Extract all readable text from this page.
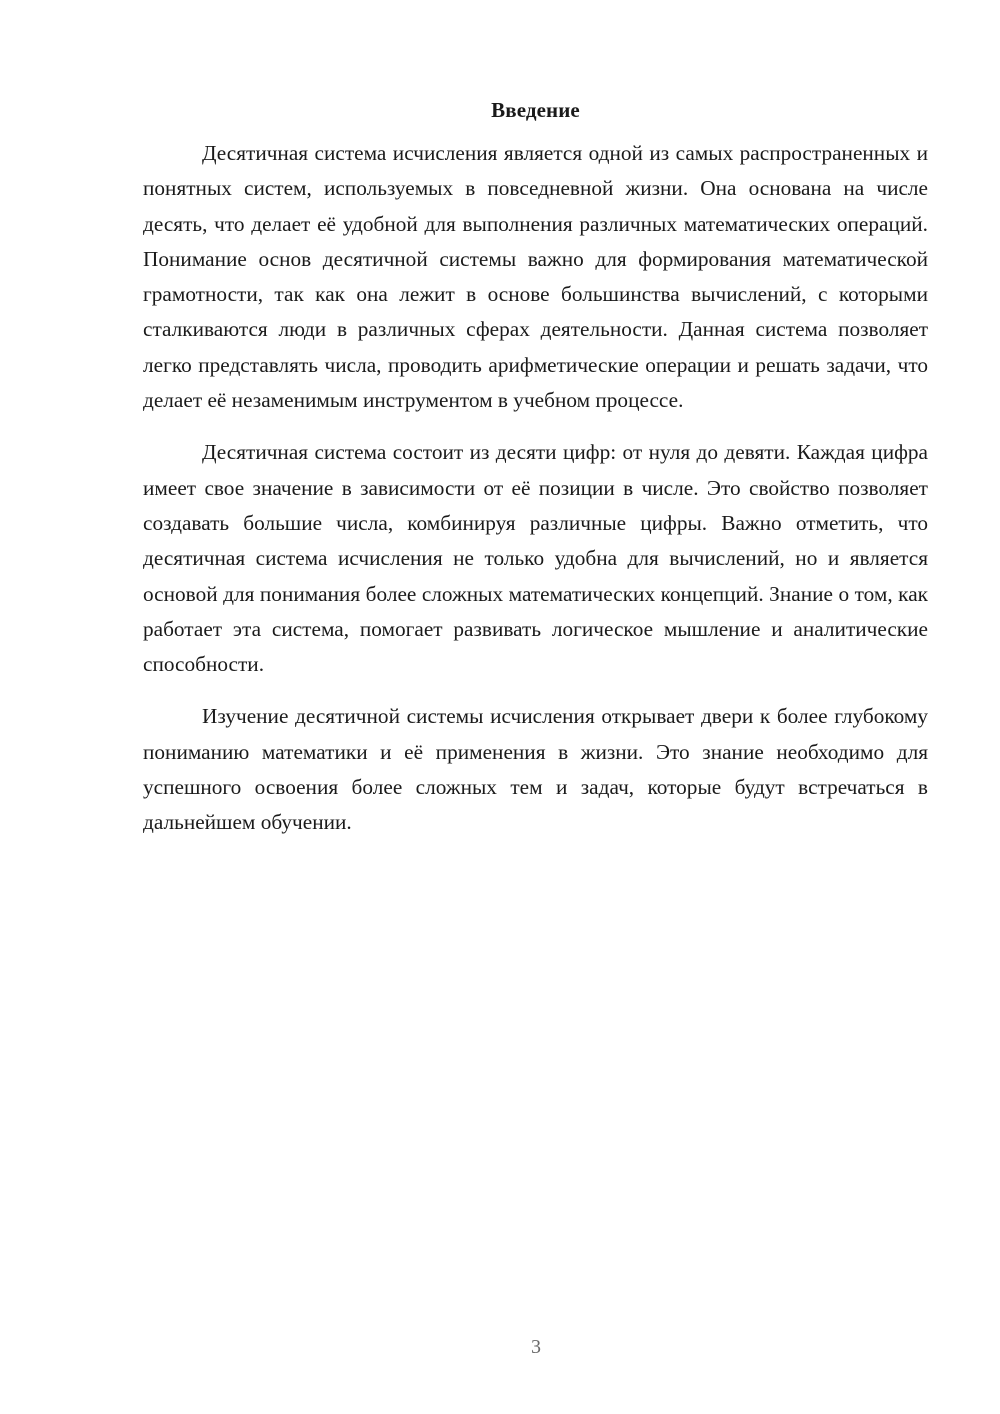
Введение

Десятичная система исчисления является одной из самых распространенных и понятных систем, используемых в повседневной жизни. Она основана на числе десять, что делает её удобной для выполнения различных математических операций. Понимание основ десятичной системы важно для формирования математической грамотности, так как она лежит в основе большинства вычислений, с которыми сталкиваются люди в различных сферах деятельности. Данная система позволяет легко представлять числа, проводить арифметические операции и решать задачи, что делает её незаменимым инструментом в учебном процессе.

Десятичная система состоит из десяти цифр: от нуля до девяти. Каждая цифра имеет свое значение в зависимости от её позиции в числе. Это свойство позволяет создавать большие числа, комбинируя различные цифры. Важно отметить, что десятичная система исчисления не только удобна для вычислений, но и является основой для понимания более сложных математических концепций. Знание о том, как работает эта система, помогает развивать логическое мышление и аналитические способности.

Изучение десятичной системы исчисления открывает двери к более глубокому пониманию математики и её применения в жизни. Это знание необходимо для успешного освоения более сложных тем и задач, которые будут встречаться в дальнейшем обучении.

3
